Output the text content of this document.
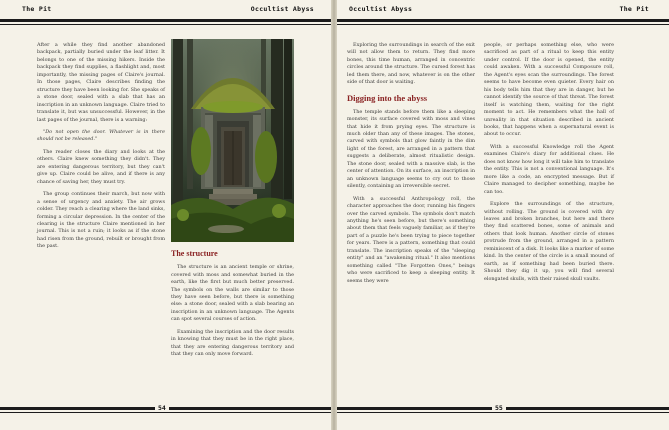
The Pit	Occultist Abyss

After a while they find another abandoned backpack, partially buried under the leaf litter. It belongs to one of the missing hikers. Inside the backpack they find supplies, a flashlight and, most importantly, the missing pages of Claire's journal. In those pages, Claire describes finding the structure they have been looking for. She speaks of a stone door, sealed with a slab that has an inscription in an unknown language. Claire tried to translate it, but was unsuccessful. However, in the last pages of the journal, there is a warning:

"Do not open the door. Whatever is in there should not be released."

The reader closes the diary and looks at the others. Claire knew something they didn't. They are entering dangerous territory, but they can't give up. Claire could be alive, and if there is any chance of saving her, they must try.

The group continues their march, but now with a sense of urgency and anxiety. The air grows colder. They reach a clearing where the land sinks, forming a circular depression. In the center of the clearing is the structure Claire mentioned in her journal. This is not a ruin; it looks as if the stone had risen from the ground, rebuilt or brought from the past.

The structure

The structure is an ancient temple or shrine, covered with moss and somewhat buried in the earth, like the first but much better preserved. The symbols on the walls are similar to those they have seen before, but there is something else: a stone door, sealed with a slab bearing an inscription in an unknown language. The Agents can spot several courses of action.

Examining the inscription and the door results in knowing that they must be in the right place, that they are entering dangerous territory and that they can only move forward.

54
Occultist Abyss	The Pit

Exploring the surroundings in search of the exit will not allow them to return. They find more bones, this time human, arranged in concentric circles around the structure. The cursed forest has led them there, and now, whatever is on the other side of that door is waiting.

Digging into the abyss

The temple stands before them like a sleeping monster, its surface covered with moss and vines that hide it from prying eyes. The structure is much older than any of these images. The stones, carved with symbols that glow faintly in the dim light of the forest, are arranged in a pattern that suggests a deliberate, almost ritualistic design. The stone door, sealed with a massive slab, is the center of attention. On its surface, an inscription in an unknown language seems to cry out to those silently, containing an irreversible secret.

With a successful Anthropology roll, the character approaches the door, running his fingers over the carved symbols. The symbols don't match anything he's seen before, but there's something about them that feels vaguely familiar, as if they're part of a puzzle he's been trying to piece together for years. There is a pattern, something that could translate. The inscription speaks of the "sleeping entity" and an "awakening ritual." It also mentions something called "The Forgotten Ones," beings who were sacrificed to keep a sleeping entity. It seems they were

people, or perhaps something else, who were sacrificed as part of a ritual to keep this entity under control. If the door is opened, the entity could awaken. With a successful Composure roll, the Agent's eyes scan the surroundings. The forest seems to have become even quieter. Every hair on his body tells him that they are in danger, but he cannot identify the source of that threat. The forest itself is watching them, waiting for the right moment to act. He remembers what the hall of unreality in that situation described in ancient books, that happens when a supernatural event is about to occur.

With a successful Knowledge roll the Agent examines Claire's diary for additional clues. He does not know how long it will take him to translate the entity. This is not a conventional language. It's more like a code, an encrypted message. But if Claire managed to decipher something, maybe he can too.

Explore the surroundings of the structure, without rolling. The ground is covered with dry leaves and broken branches, but here and there they find scattered bones, some of animals and others that look human. Another circle of stones protrude from the ground, arranged in a pattern reminiscent of a disk. It looks like a marker of some kind. In the center of the circle is a small mound of earth, as if something had been buried there. Should they dig it up, you will find several elongated skulls, with their raised skull vaults.

55
